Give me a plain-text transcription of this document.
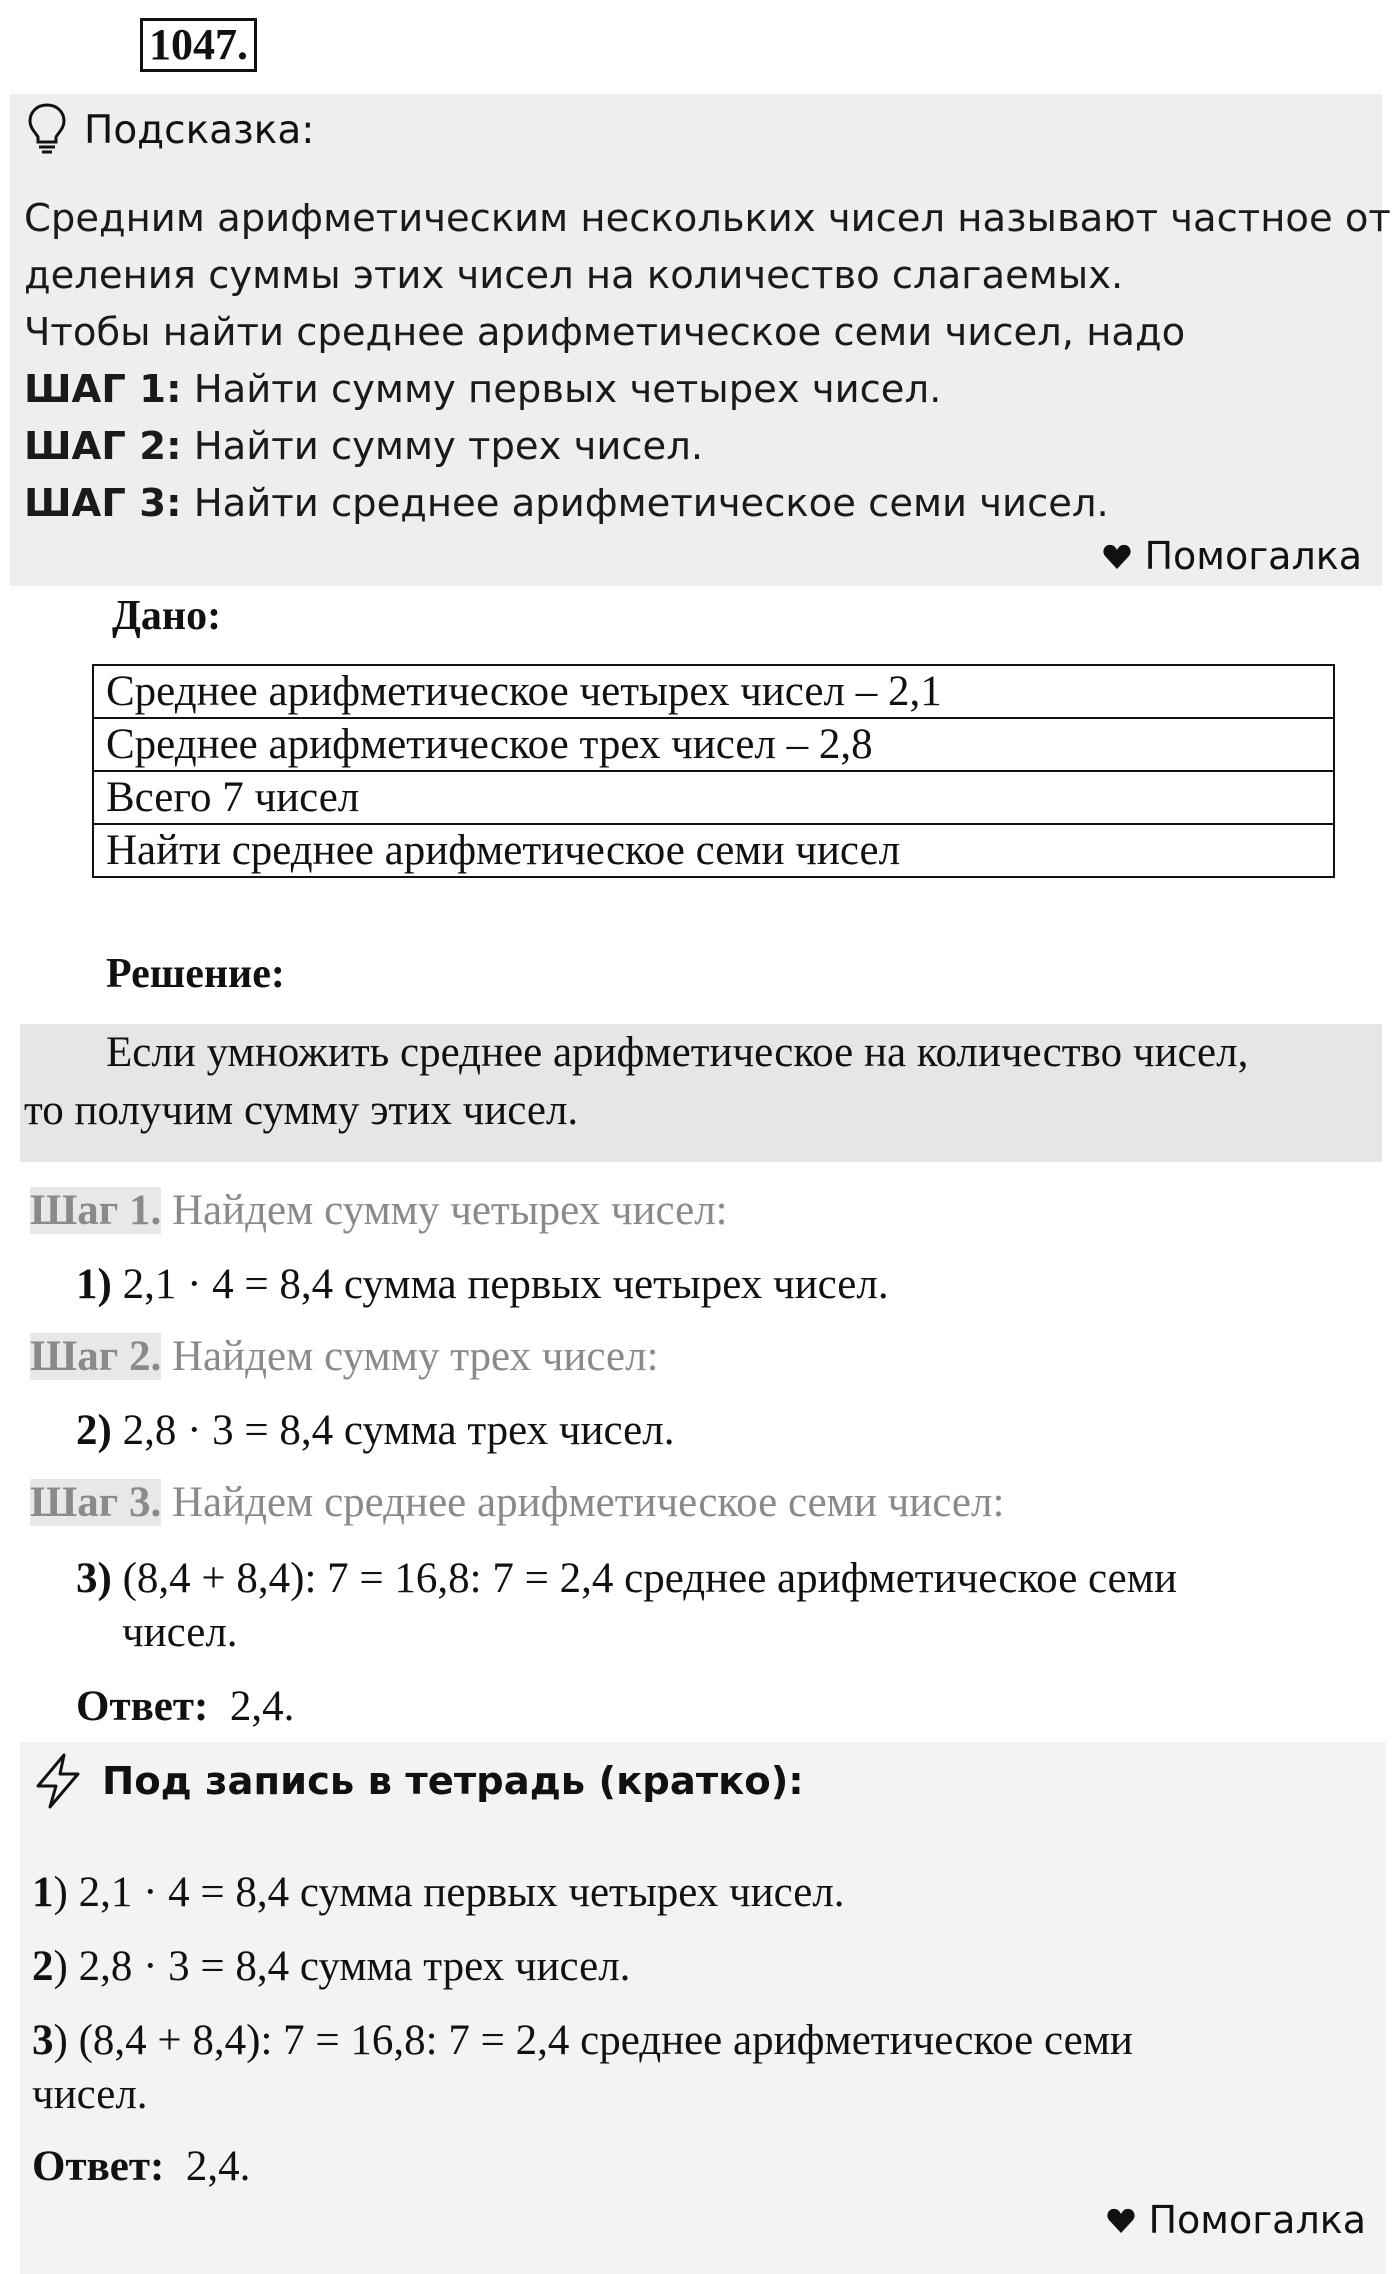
1047.
Подсказка:
Средним арифметическим нескольких чисел называют частное от
деления суммы этих чисел на количество слагаемых.
Чтобы найти среднее арифметическое семи чисел, надо
ШАГ 1: Найти сумму первых четырех чисел.
ШАГ 2: Найти сумму трех чисел.
ШАГ 3: Найти среднее арифметическое семи чисел.
Помогалка
Дано:
Среднее арифметическое четырех чисел – 2,1
Среднее арифметическое трех чисел – 2,8
Всего 7 чисел
Найти среднее арифметическое семи чисел
Решение:
Если умножить среднее арифметическое на количество чисел,
то получим сумму этих чисел.
Шаг 1. Найдем сумму четырех чисел:
1) 2,1 · 4 = 8,4 сумма первых четырех чисел.
Шаг 2. Найдем сумму трех чисел:
2) 2,8 · 3 = 8,4 сумма трех чисел.
Шаг 3. Найдем среднее арифметическое семи чисел:
3) (8,4 + 8,4): 7 = 16,8: 7 = 2,4 среднее арифметическое семи
чисел.
Ответ: 2,4.
Под запись в тетрадь (кратко):
1) 2,1 · 4 = 8,4 сумма первых четырех чисел.
2) 2,8 · 3 = 8,4 сумма трех чисел.
3) (8,4 + 8,4): 7 = 16,8: 7 = 2,4 среднее арифметическое семи
чисел.
Ответ: 2,4.
Помогалка
